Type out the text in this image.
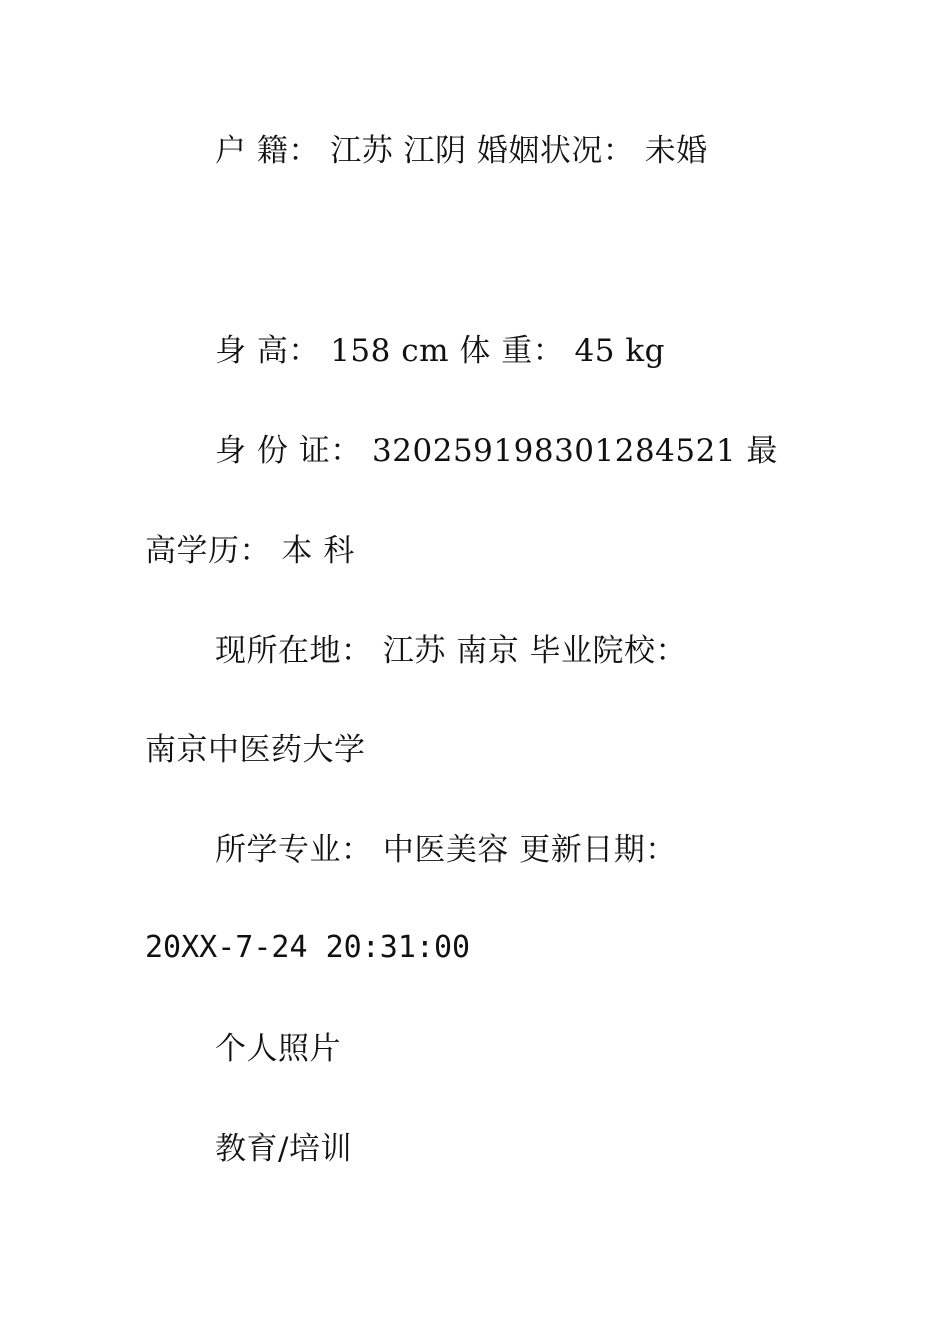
户 籍： 江苏 江阴 婚姻状况： 未婚
身 高： 158 cm 体 重： 45 kg
身 份 证： 320259198301284521 最
高学历： 本 科
现所在地： 江苏 南京 毕业院校：
南京中医药大学
所学专业： 中医美容 更新日期：
20XX-7-24 20:31:00
个人照片
教育/培训
